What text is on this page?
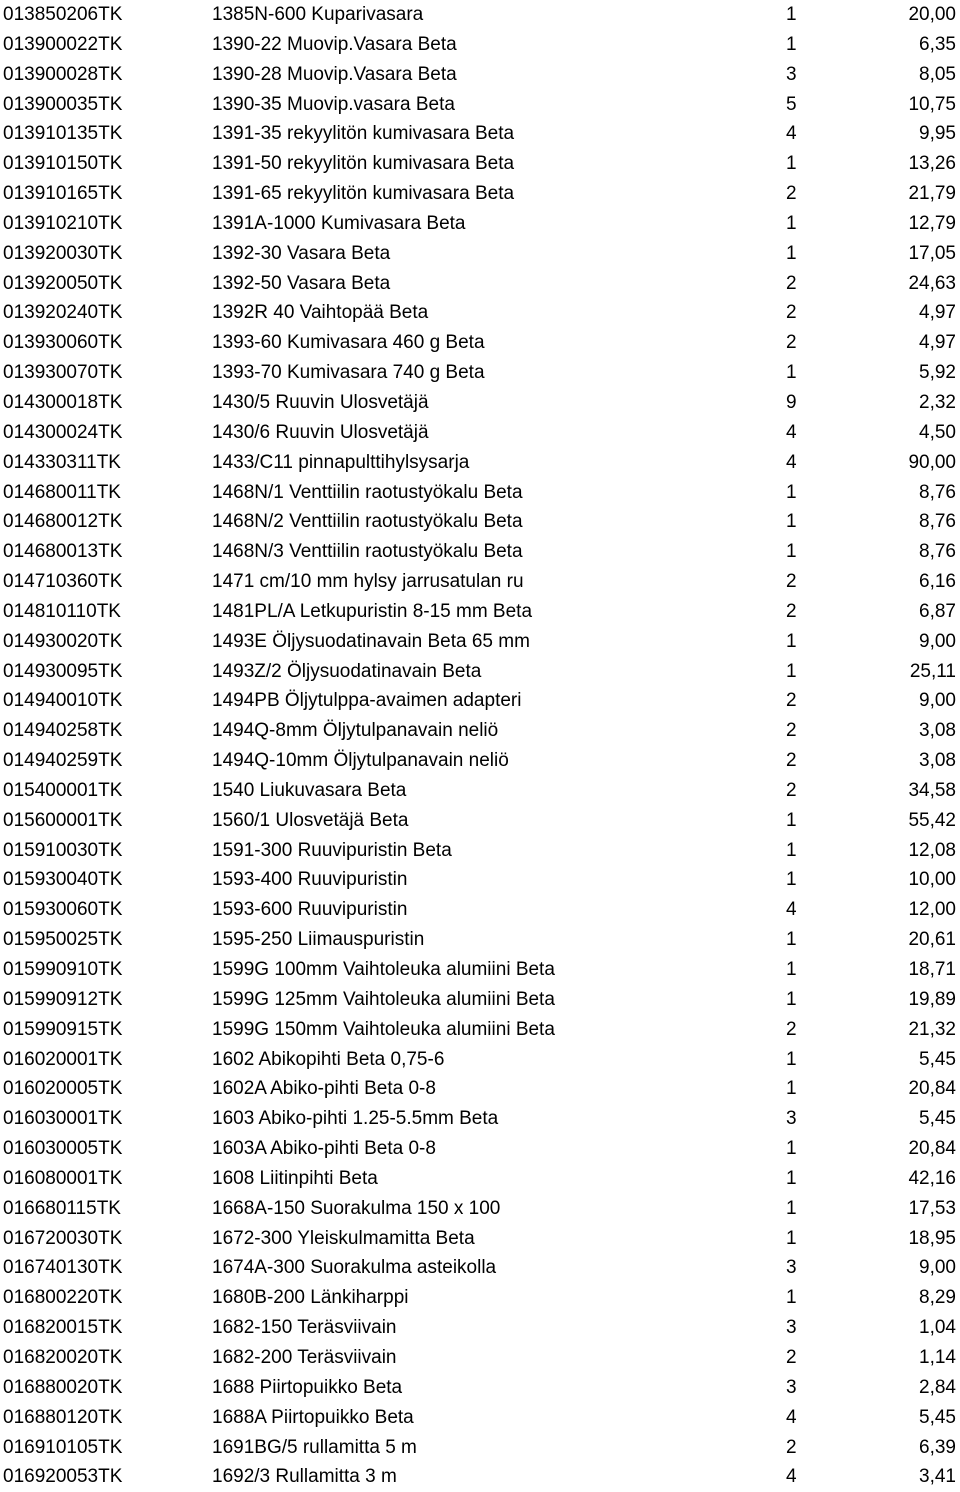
013850206TK	1385N-600 Kuparivasara	1	20,00
013900022TK	1390-22 Muovip.Vasara Beta	1	6,35
013900028TK	1390-28 Muovip.Vasara Beta	3	8,05
013900035TK	1390-35 Muovip.vasara Beta	5	10,75
013910135TK	1391-35 rekyylitön kumivasara Beta	4	9,95
013910150TK	1391-50 rekyylitön kumivasara Beta	1	13,26
013910165TK	1391-65 rekyylitön kumivasara Beta	2	21,79
013910210TK	1391A-1000 Kumivasara Beta	1	12,79
013920030TK	1392-30 Vasara Beta	1	17,05
013920050TK	1392-50 Vasara Beta	2	24,63
013920240TK	1392R 40 Vaihtopää Beta	2	4,97
013930060TK	1393-60 Kumivasara 460 g Beta	2	4,97
013930070TK	1393-70 Kumivasara 740 g Beta	1	5,92
014300018TK	1430/5 Ruuvin Ulosvetäjä	9	2,32
014300024TK	1430/6 Ruuvin Ulosvetäjä	4	4,50
014330311TK	1433/C11 pinnapulttihylsysarja	4	90,00
014680011TK	1468N/1 Venttiilin raotustyökalu Beta	1	8,76
014680012TK	1468N/2 Venttiilin raotustyökalu Beta	1	8,76
014680013TK	1468N/3 Venttiilin raotustyökalu Beta	1	8,76
014710360TK	1471 cm/10 mm hylsy jarrusatulan ru	2	6,16
014810110TK	1481PL/A Letkupuristin 8-15 mm Beta	2	6,87
014930020TK	1493E Öljysuodatinavain Beta 65 mm	1	9,00
014930095TK	1493Z/2 Öljysuodatinavain Beta	1	25,11
014940010TK	1494PB Öljytulppa-avaimen adapteri	2	9,00
014940258TK	1494Q-8mm Öljytulpanavain neliö	2	3,08
014940259TK	1494Q-10mm Öljytulpanavain neliö	2	3,08
015400001TK	1540 Liukuvasara Beta	2	34,58
015600001TK	1560/1 Ulosvetäjä Beta	1	55,42
015910030TK	1591-300 Ruuvipuristin Beta	1	12,08
015930040TK	1593-400 Ruuvipuristin	1	10,00
015930060TK	1593-600 Ruuvipuristin	4	12,00
015950025TK	1595-250 Liimauspuristin	1	20,61
015990910TK	1599G 100mm Vaihtoleuka alumiini Beta	1	18,71
015990912TK	1599G 125mm Vaihtoleuka alumiini Beta	1	19,89
015990915TK	1599G 150mm Vaihtoleuka alumiini Beta	2	21,32
016020001TK	1602 Abikopihti Beta 0,75-6	1	5,45
016020005TK	1602A Abiko-pihti Beta 0-8	1	20,84
016030001TK	1603 Abiko-pihti 1.25-5.5mm Beta	3	5,45
016030005TK	1603A Abiko-pihti Beta 0-8	1	20,84
016080001TK	1608 Liitinpihti Beta	1	42,16
016680115TK	1668A-150 Suorakulma 150 x 100	1	17,53
016720030TK	1672-300 Yleiskulmamitta Beta	1	18,95
016740130TK	1674A-300 Suorakulma asteikolla	3	9,00
016800220TK	1680B-200 Länkiharppi	1	8,29
016820015TK	1682-150 Teräsviivain	3	1,04
016820020TK	1682-200 Teräsviivain	2	1,14
016880020TK	1688 Piirtopuikko Beta	3	2,84
016880120TK	1688A Piirtopuikko Beta	4	5,45
016910105TK	1691BG/5 rullamitta 5 m	2	6,39
016920053TK	1692/3 Rullamitta 3 m	4	3,41
